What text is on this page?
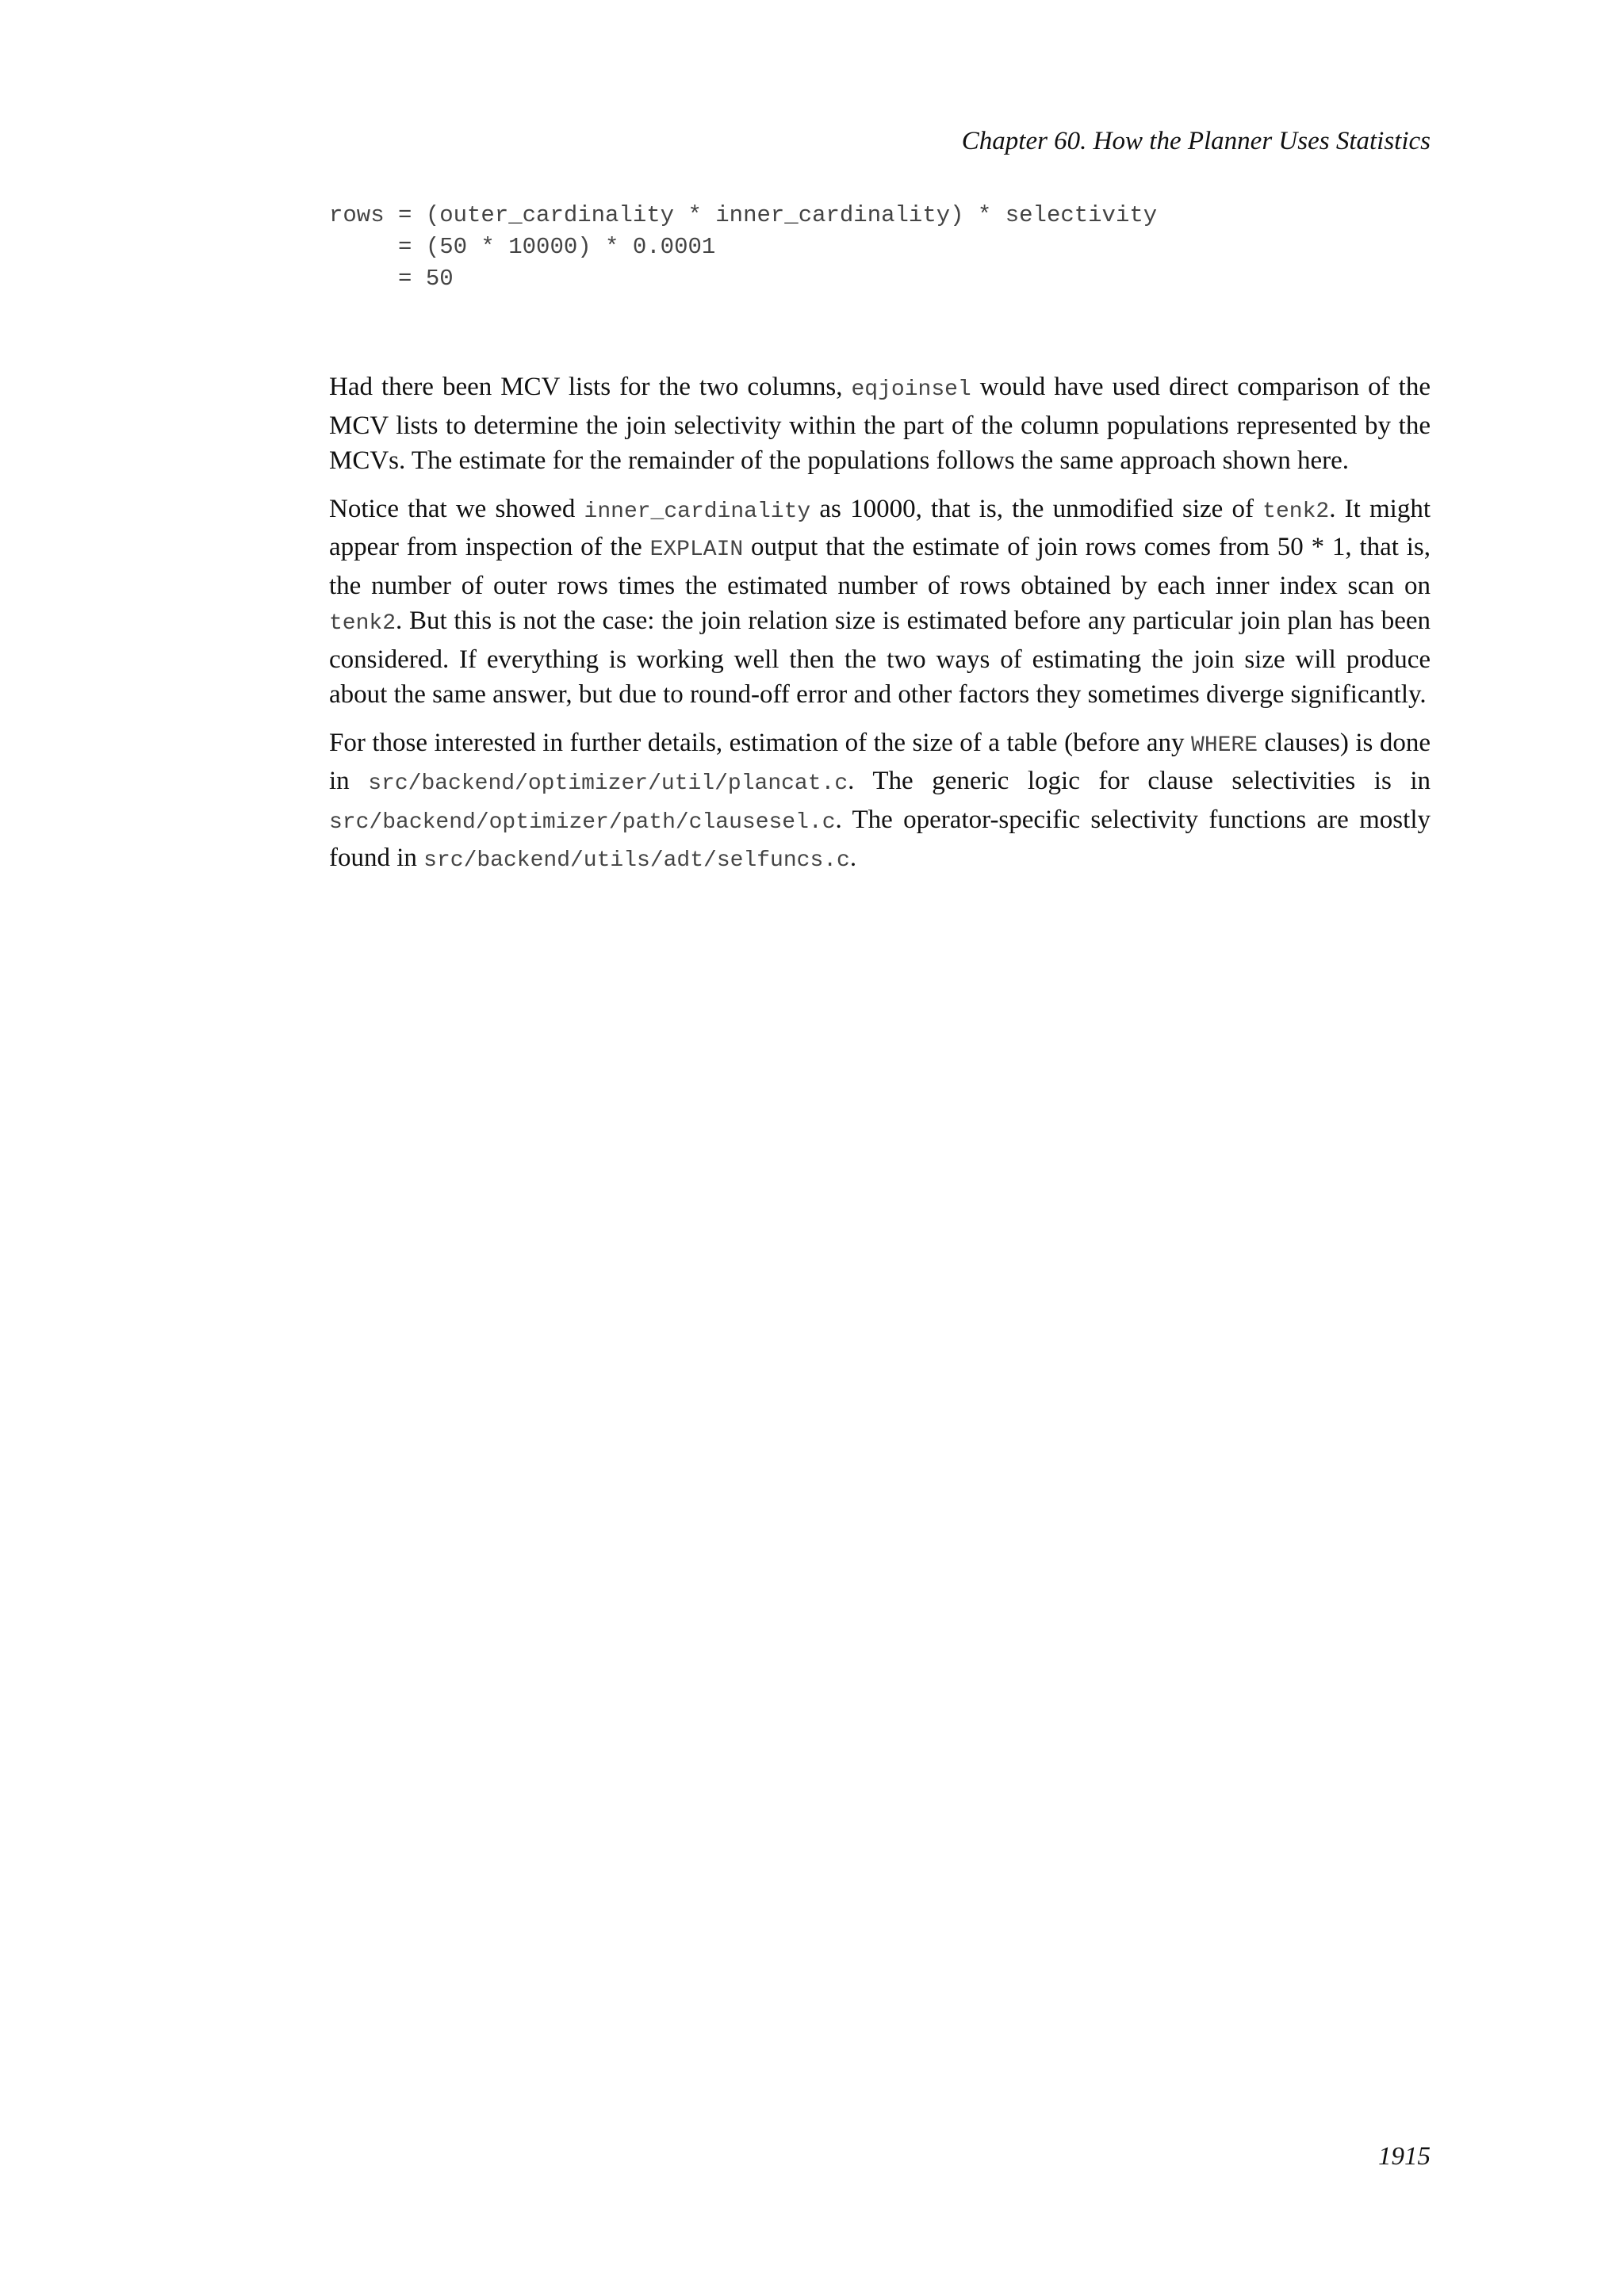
Chapter 60. How the Planner Uses Statistics
rows = (outer_cardinality * inner_cardinality) * selectivity
= (50 * 10000) * 0.0001
= 50

Had there been MCV lists for the two columns, eqjoinsel would have used direct comparison of the MCV lists to determine the join selectivity within the part of the column populations represented by the MCVs. The estimate for the remainder of the populations follows the same approach shown here.

Notice that we showed inner_cardinality as 10000, that is, the unmodified size of tenk2. It might appear from inspection of the EXPLAIN output that the estimate of join rows comes from 50 * 1, that is, the number of outer rows times the estimated number of rows obtained by each inner index scan on tenk2. But this is not the case: the join relation size is estimated before any particular join plan has been considered. If everything is working well then the two ways of estimating the join size will produce about the same answer, but due to round-off error and other factors they sometimes diverge significantly.

For those interested in further details, estimation of the size of a table (before any WHERE clauses) is done in src/backend/optimizer/util/plancat.c. The generic logic for clause selectivities is in src/backend/optimizer/path/clausesel.c. The operator-specific selectivity functions are mostly found in src/backend/utils/adt/selfuncs.c.

1915
